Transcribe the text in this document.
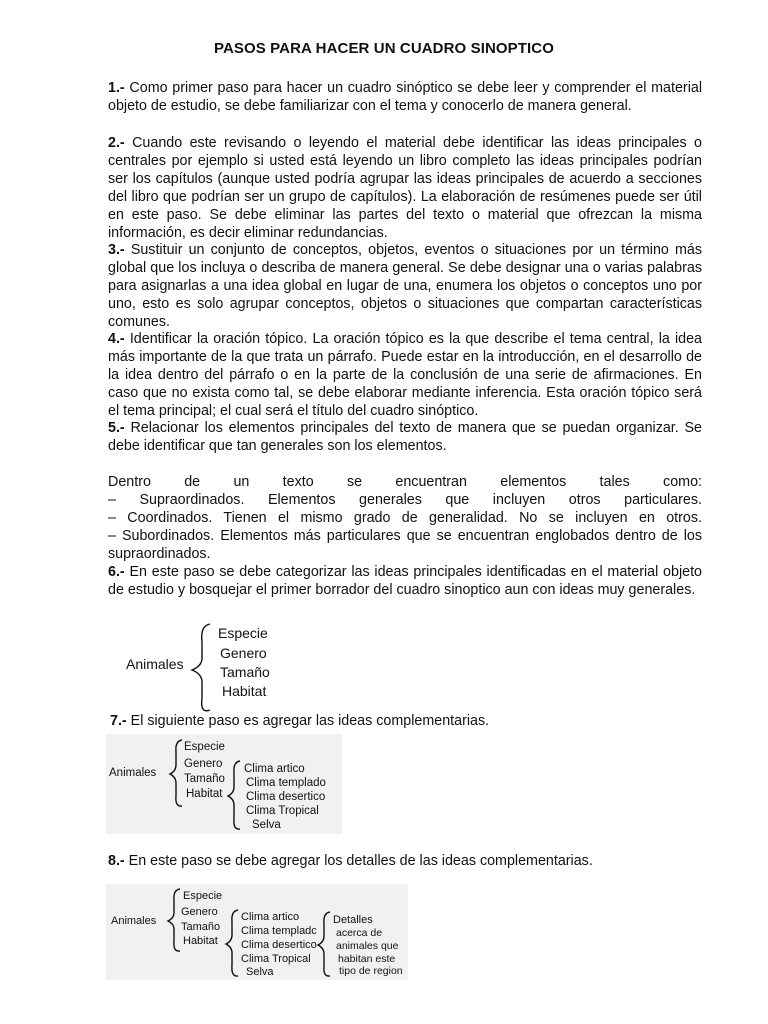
PASOS PARA HACER UN CUADRO SINOPTICO
1.- Como primer paso para hacer un cuadro sinóptico se debe leer y comprender el material objeto de estudio, se debe familiarizar con el tema y conocerlo de manera general.
2.- Cuando este revisando o leyendo el material debe identificar las ideas principales o centrales por ejemplo si usted está leyendo un libro completo las ideas principales podrían ser los capítulos (aunque usted podría agrupar las ideas principales de acuerdo a secciones del libro que podrían ser un grupo de capítulos). La elaboración de resúmenes puede ser útil en este paso. Se debe eliminar las partes del texto o material que ofrezcan la misma información, es decir eliminar redundancias.
3.- Sustituir un conjunto de conceptos, objetos, eventos o situaciones por un término más global que los incluya o describa de manera general. Se debe designar una o varias palabras para asignarlas a una idea global en lugar de una, enumera los objetos o conceptos uno por uno, esto es solo agrupar conceptos, objetos o situaciones que compartan características comunes.
4.- Identificar la oración tópico. La oración tópico es la que describe el tema central, la idea más importante de la que trata un párrafo. Puede estar en la introducción, en el desarrollo de la idea dentro del párrafo o en la parte de la conclusión de una serie de afirmaciones. En caso que no exista como tal, se debe elaborar mediante inferencia. Esta oración tópico será el tema principal; el cual será el título del cuadro sinóptico.
5.- Relacionar los elementos principales del texto de manera que se puedan organizar. Se debe identificar que tan generales son los elementos.
Dentro de un texto se encuentran elementos tales como:
– Supraordinados. Elementos generales que incluyen otros particulares.
– Coordinados. Tienen el mismo grado de generalidad. No se incluyen en otros.
– Subordinados. Elementos más particulares que se encuentran englobados dentro de los supraordinados.
6.- En este paso se debe categorizar las ideas principales identificadas en el material objeto de estudio y bosquejar el primer borrador del cuadro sinoptico aun con ideas muy generales.
Animales
Especie
Genero
Tamaño
Habitat
7.- El siguiente paso es agregar las ideas complementarias.
Animales
Especie
Genero
Tamaño
Habitat
Clima artico
Clima templado
Clima desertico
Clima Tropical
Selva
8.- En este paso se debe agregar los detalles de las ideas complementarias.
Animales
Especie
Genero
Tamaño
Habitat
Clima artico
Clima templadc
Clima desertico
Clima Tropical
Selva
Detalles
acerca de
animales que
habitan este
tipo de region
